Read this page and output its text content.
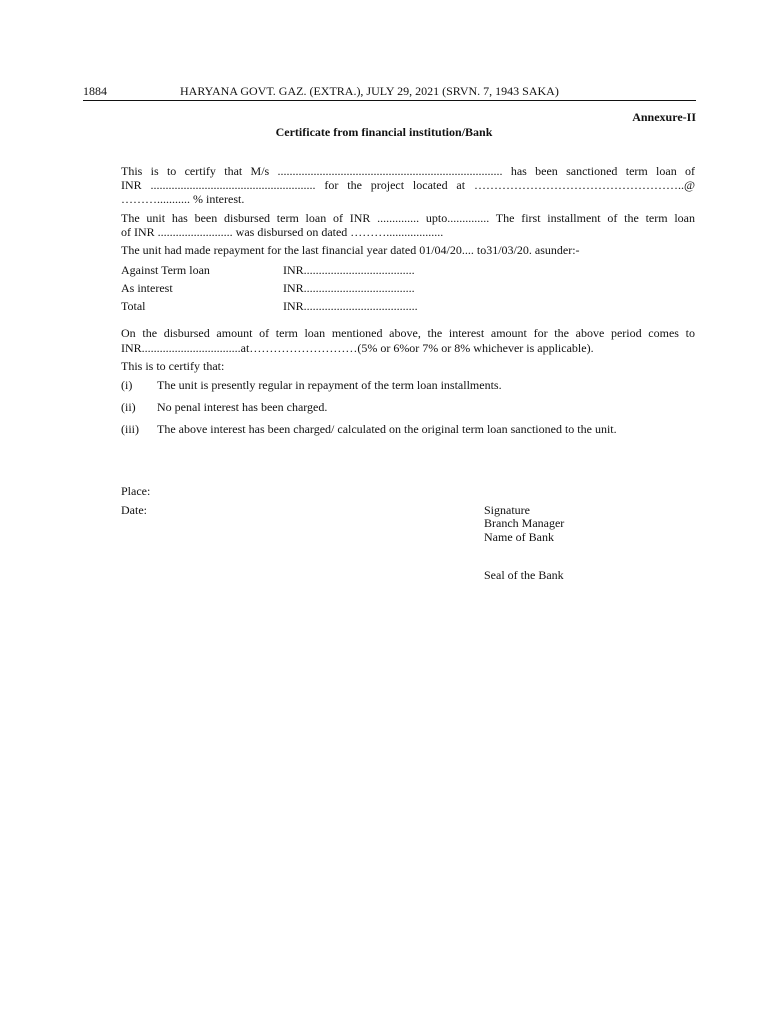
1884	HARYANA GOVT. GAZ. (EXTRA.), JULY 29, 2021 (SRVN. 7, 1943 SAKA)
Annexure-II
Certificate from financial institution/Bank
This is to certify that M/s ........................................................................... has been sanctioned term loan of
INR ....................................................... for the project located at ……………………………………………..@
………........... % interest.
The unit has been disbursed term loan of INR .............. upto.............. The first installment of the term loan
of INR ......................... was disbursed on dated ………...................
The unit had made repayment for the last financial year dated 01/04/20.... to31/03/20. asunder:-
Against Term loan	INR.....................................
As interest	INR.....................................
Total	INR......................................
On the disbursed amount of term loan mentioned above, the interest amount for the above period comes to
INR.................................at………………………(5% or 6%or 7% or 8% whichever is applicable).
This is to certify that:
(i) The unit is presently regular in repayment of the term loan installments.
(ii) No penal interest has been charged.
(iii) The above interest has been charged/ calculated on the original term loan sanctioned to the unit.
Place:
Date:	Signature
Branch Manager
Name of Bank
Seal of the Bank
